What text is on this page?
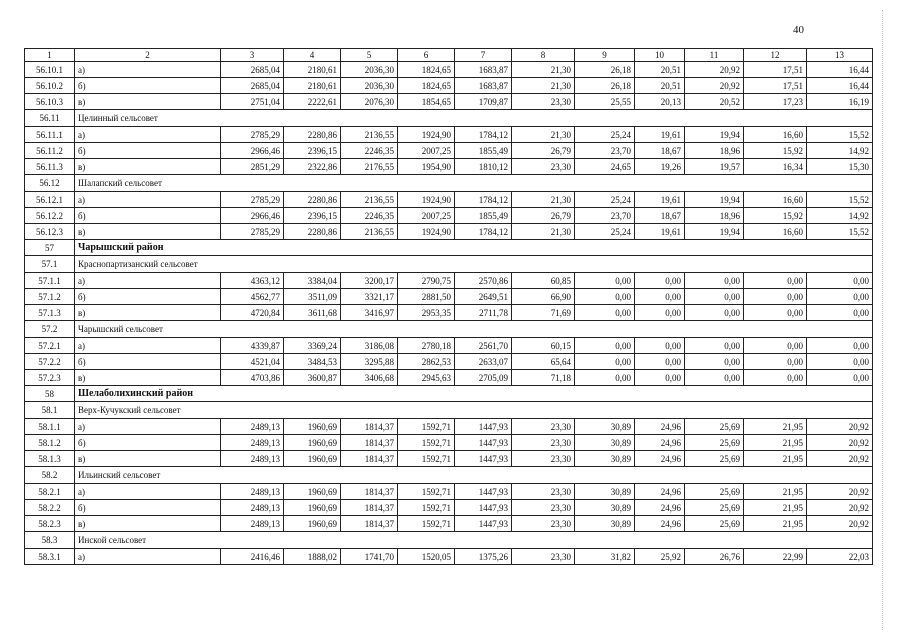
40
1	2	3	4	5	6	7	8	9	10	11	12	13
56.10.1	а)	2685,04	2180,61	2036,30	1824,65	1683,87	21,30	26,18	20,51	20,92	17,51	16,44
56.10.2	б)	2685,04	2180,61	2036,30	1824,65	1683,87	21,30	26,18	20,51	20,92	17,51	16,44
56.10.3	в)	2751,04	2222,61	2076,30	1854,65	1709,87	23,30	25,55	20,13	20,52	17,23	16,19
56.11	Целинный сельсовет											
56.11.1	а)	2785,29	2280,86	2136,55	1924,90	1784,12	21,30	25,24	19,61	19,94	16,60	15,52
56.11.2	б)	2966,46	2396,15	2246,35	2007,25	1855,49	26,79	23,70	18,67	18,96	15,92	14,92
56.11.3	в)	2851,29	2322,86	2176,55	1954,90	1810,12	23,30	24,65	19,26	19,57	16,34	15,30
56.12	Шалапский сельсовет											
56.12.1	а)	2785,29	2280,86	2136,55	1924,90	1784,12	21,30	25,24	19,61	19,94	16,60	15,52
56.12.2	б)	2966,46	2396,15	2246,35	2007,25	1855,49	26,79	23,70	18,67	18,96	15,92	14,92
56.12.3	в)	2785,29	2280,86	2136,55	1924,90	1784,12	21,30	25,24	19,61	19,94	16,60	15,52
57	Чарышский район											
57.1	Краснопартизанский сельсовет											
57.1.1	а)	4363,12	3384,04	3200,17	2790,75	2570,86	60,85	0,00	0,00	0,00	0,00	0,00
57.1.2	б)	4562,77	3511,09	3321,17	2881,50	2649,51	66,90	0,00	0,00	0,00	0,00	0,00
57.1.3	в)	4720,84	3611,68	3416,97	2953,35	2711,78	71,69	0,00	0,00	0,00	0,00	0,00
57.2	Чарышский сельсовет											
57.2.1	а)	4339,87	3369,24	3186,08	2780,18	2561,70	60,15	0,00	0,00	0,00	0,00	0,00
57.2.2	б)	4521,04	3484,53	3295,88	2862,53	2633,07	65,64	0,00	0,00	0,00	0,00	0,00
57.2.3	в)	4703,86	3600,87	3406,68	2945,63	2705,09	71,18	0,00	0,00	0,00	0,00	0,00
58	Шелаболихинский район											
58.1	Верх-Кучукский сельсовет											
58.1.1	а)	2489,13	1960,69	1814,37	1592,71	1447,93	23,30	30,89	24,96	25,69	21,95	20,92
58.1.2	б)	2489,13	1960,69	1814,37	1592,71	1447,93	23,30	30,89	24,96	25,69	21,95	20,92
58.1.3	в)	2489,13	1960,69	1814,37	1592,71	1447,93	23,30	30,89	24,96	25,69	21,95	20,92
58.2	Ильинский сельсовет											
58.2.1	а)	2489,13	1960,69	1814,37	1592,71	1447,93	23,30	30,89	24,96	25,69	21,95	20,92
58.2.2	б)	2489,13	1960,69	1814,37	1592,71	1447,93	23,30	30,89	24,96	25,69	21,95	20,92
58.2.3	в)	2489,13	1960,69	1814,37	1592,71	1447,93	23,30	30,89	24,96	25,69	21,95	20,92
58.3	Инской сельсовет											
58.3.1	а)	2416,46	1888,02	1741,70	1520,05	1375,26	23,30	31,82	25,92	26,76	22,99	22,03
